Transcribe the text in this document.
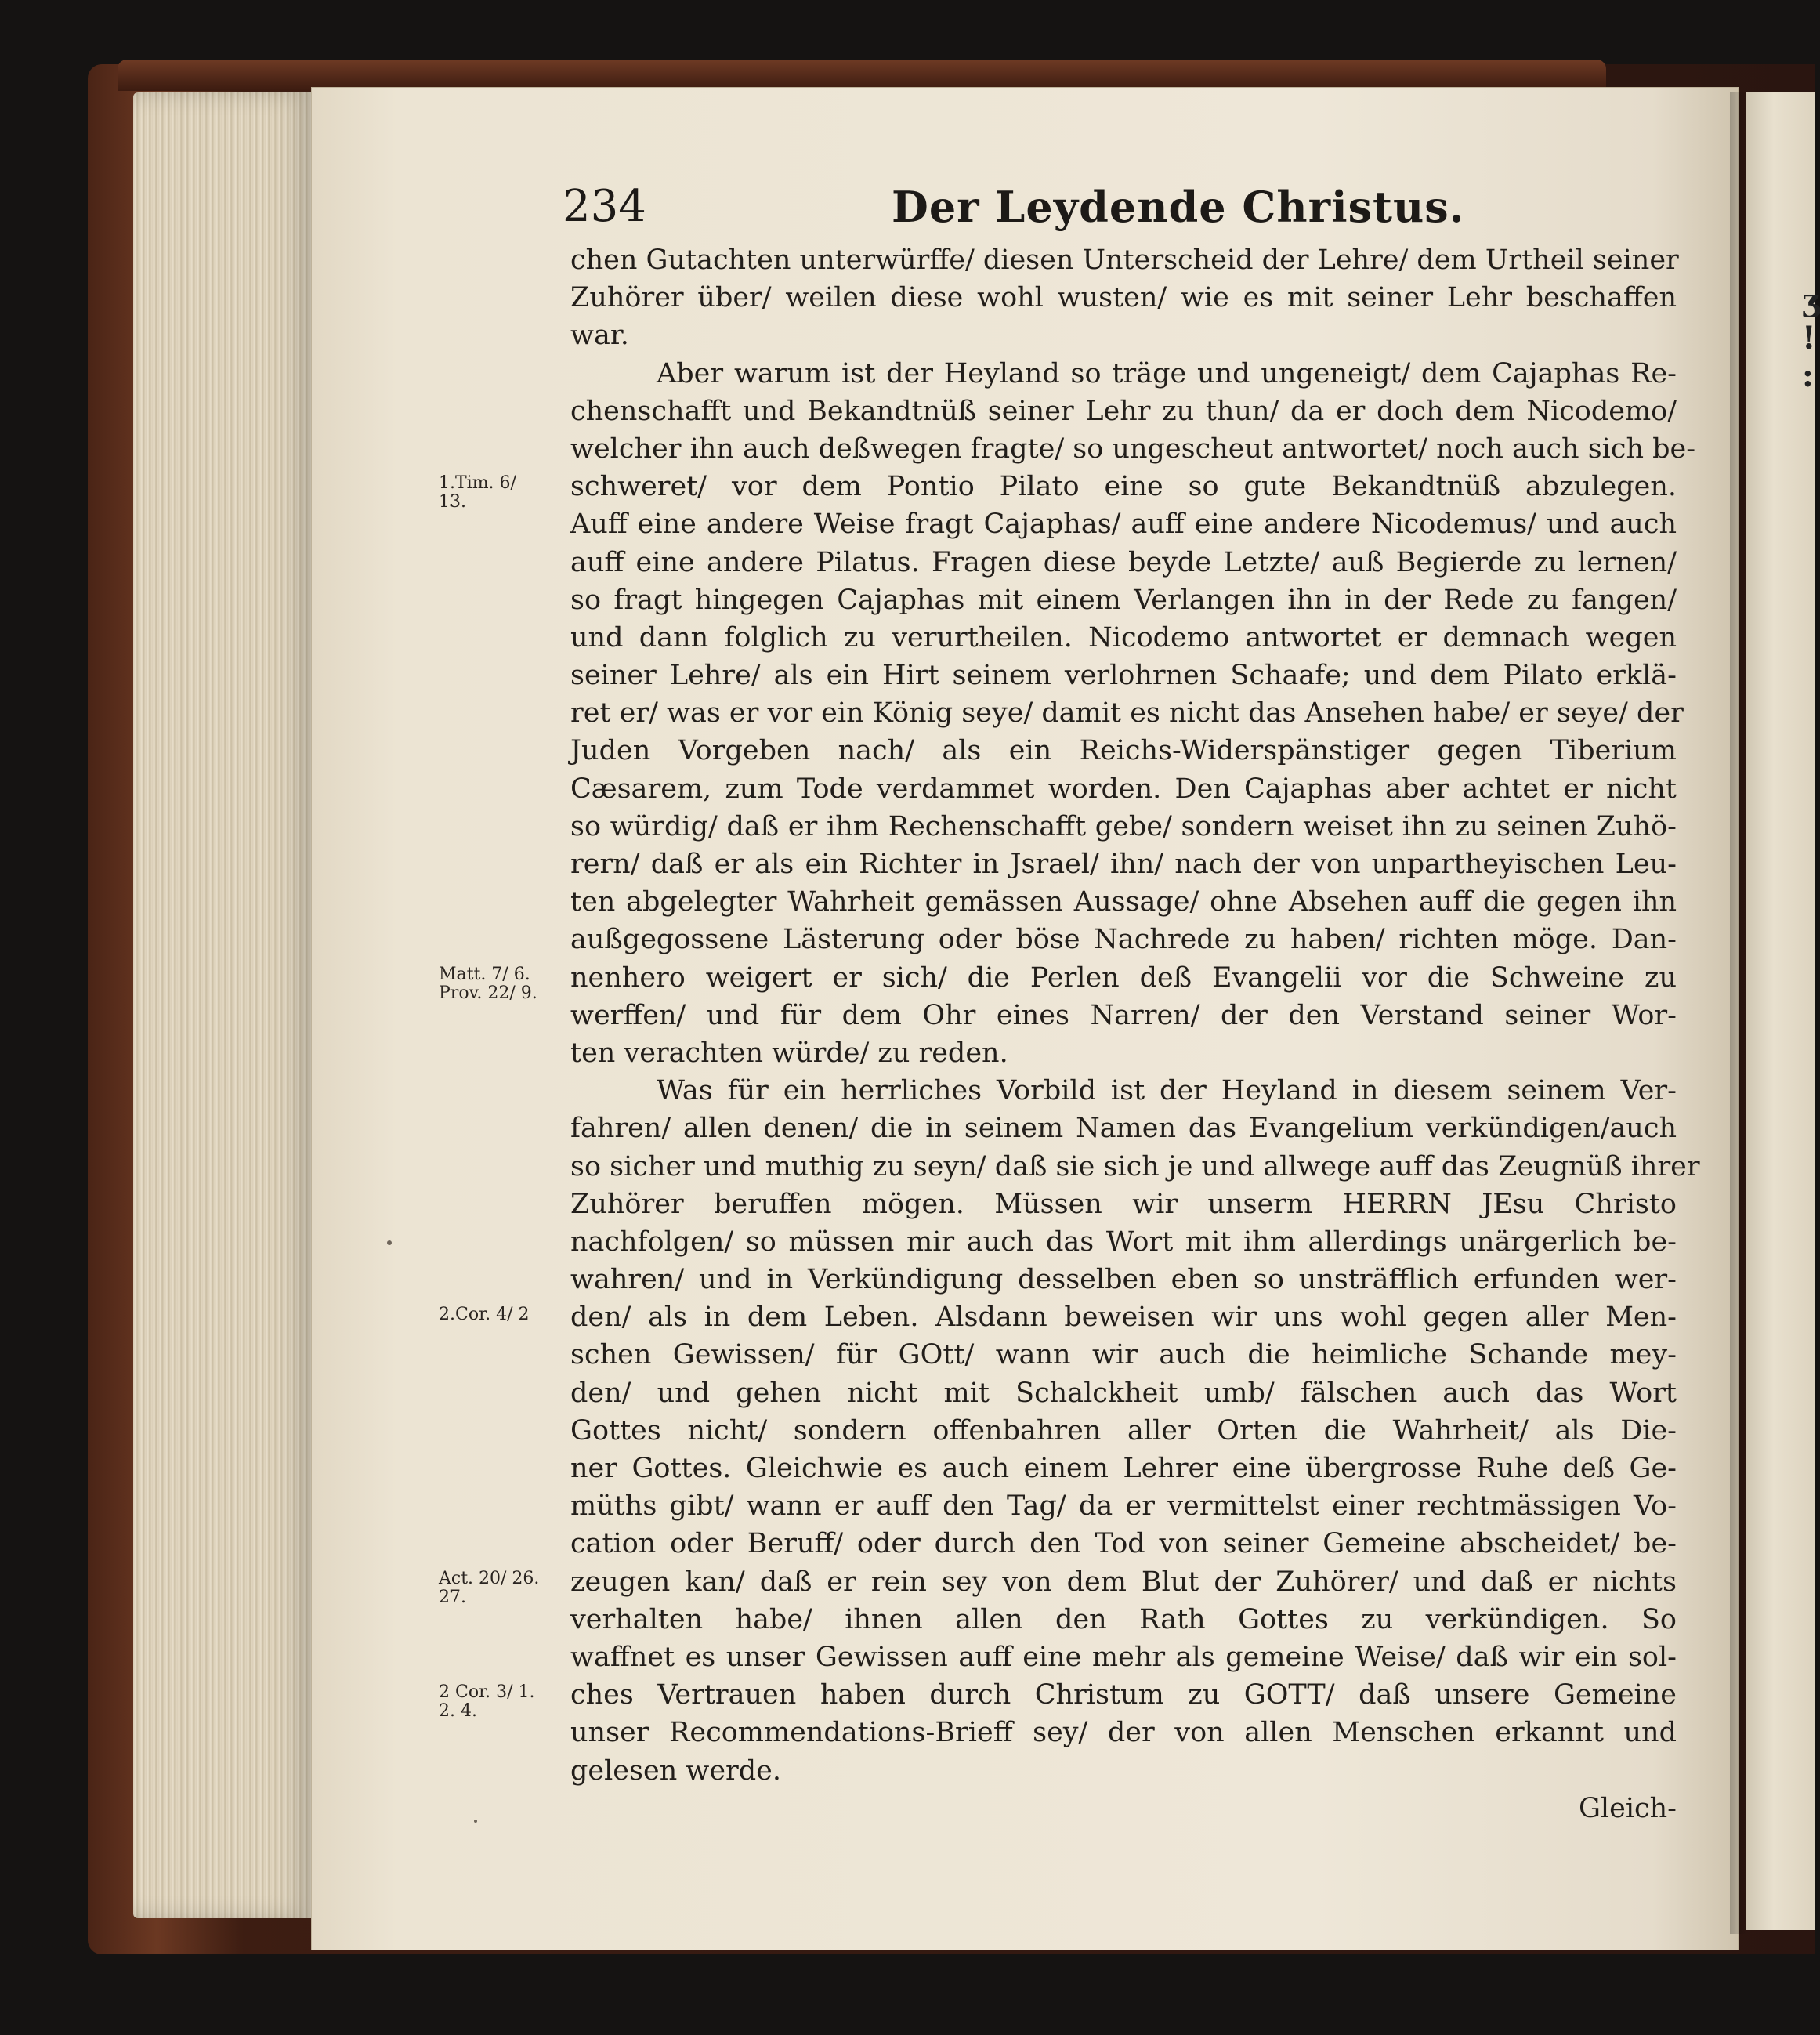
ʒ
!
:
234	Der Leydende Christus.
1.Tim. 6/
13.
Matt. 7/ 6.
Prov. 22/ 9.
2.Cor. 4/ 2
Act. 20/ 26.
27.
2 Cor. 3/ 1.
2. 4.
chen Gutachten unterwürffe/ diesen Unterscheid der Lehre/ dem Urtheil seiner
Zuhörer über/ weilen diese wohl wusten/ wie es mit seiner Lehr beschaffen
war.
Aber warum ist der Heyland so träge und ungeneigt/ dem Cajaphas Re-
chenschafft und Bekandtnüß seiner Lehr zu thun/ da er doch dem Nicodemo/
welcher ihn auch deßwegen fragte/ so ungescheut antwortet/ noch auch sich be-
schweret/ vor dem Pontio Pilato eine so gute Bekandtnüß abzulegen.
Auff eine andere Weise fragt Cajaphas/ auff eine andere Nicodemus/ und auch
auff eine andere Pilatus. Fragen diese beyde Letzte/ auß Begierde zu lernen/
so fragt hingegen Cajaphas mit einem Verlangen ihn in der Rede zu fangen/
und dann folglich zu verurtheilen. Nicodemo antwortet er demnach wegen
seiner Lehre/ als ein Hirt seinem verlohrnen Schaafe; und dem Pilato erklä-
ret er/ was er vor ein König seye/ damit es nicht das Ansehen habe/ er seye/ der
Juden Vorgeben nach/ als ein Reichs-Widerspänstiger gegen Tiberium
Cæsarem, zum Tode verdammet worden. Den Cajaphas aber achtet er nicht
so würdig/ daß er ihm Rechenschafft gebe/ sondern weiset ihn zu seinen Zuhö-
rern/ daß er als ein Richter in Jsrael/ ihn/ nach der von unpartheyischen Leu-
ten abgelegter Wahrheit gemässen Aussage/ ohne Absehen auff die gegen ihn
außgegossene Lästerung oder böse Nachrede zu haben/ richten möge. Dan-
nenhero weigert er sich/ die Perlen deß Evangelii vor die Schweine zu
werffen/ und für dem Ohr eines Narren/ der den Verstand seiner Wor-
ten verachten würde/ zu reden.
Was für ein herrliches Vorbild ist der Heyland in diesem seinem Ver-
fahren/ allen denen/ die in seinem Namen das Evangelium verkündigen/auch
so sicher und muthig zu seyn/ daß sie sich je und allwege auff das Zeugnüß ihrer
Zuhörer beruffen mögen. Müssen wir unserm HERRN JEsu Christo
nachfolgen/ so müssen mir auch das Wort mit ihm allerdings unärgerlich be-
wahren/ und in Verkündigung desselben eben so unsträfflich erfunden wer-
den/ als in dem Leben. Alsdann beweisen wir uns wohl gegen aller Men-
schen Gewissen/ für GOtt/ wann wir auch die heimliche Schande mey-
den/ und gehen nicht mit Schalckheit umb/ fälschen auch das Wort
Gottes nicht/ sondern offenbahren aller Orten die Wahrheit/ als Die-
ner Gottes. Gleichwie es auch einem Lehrer eine übergrosse Ruhe deß Ge-
müths gibt/ wann er auff den Tag/ da er vermittelst einer rechtmässigen Vo-
cation oder Beruff/ oder durch den Tod von seiner Gemeine abscheidet/ be-
zeugen kan/ daß er rein sey von dem Blut der Zuhörer/ und daß er nichts
verhalten habe/ ihnen allen den Rath Gottes zu verkündigen. So
waffnet es unser Gewissen auff eine mehr als gemeine Weise/ daß wir ein sol-
ches Vertrauen haben durch Christum zu GOTT/ daß unsere Gemeine
unser Recommendations-Brieff sey/ der von allen Menschen erkannt und
gelesen werde.
Gleich-
